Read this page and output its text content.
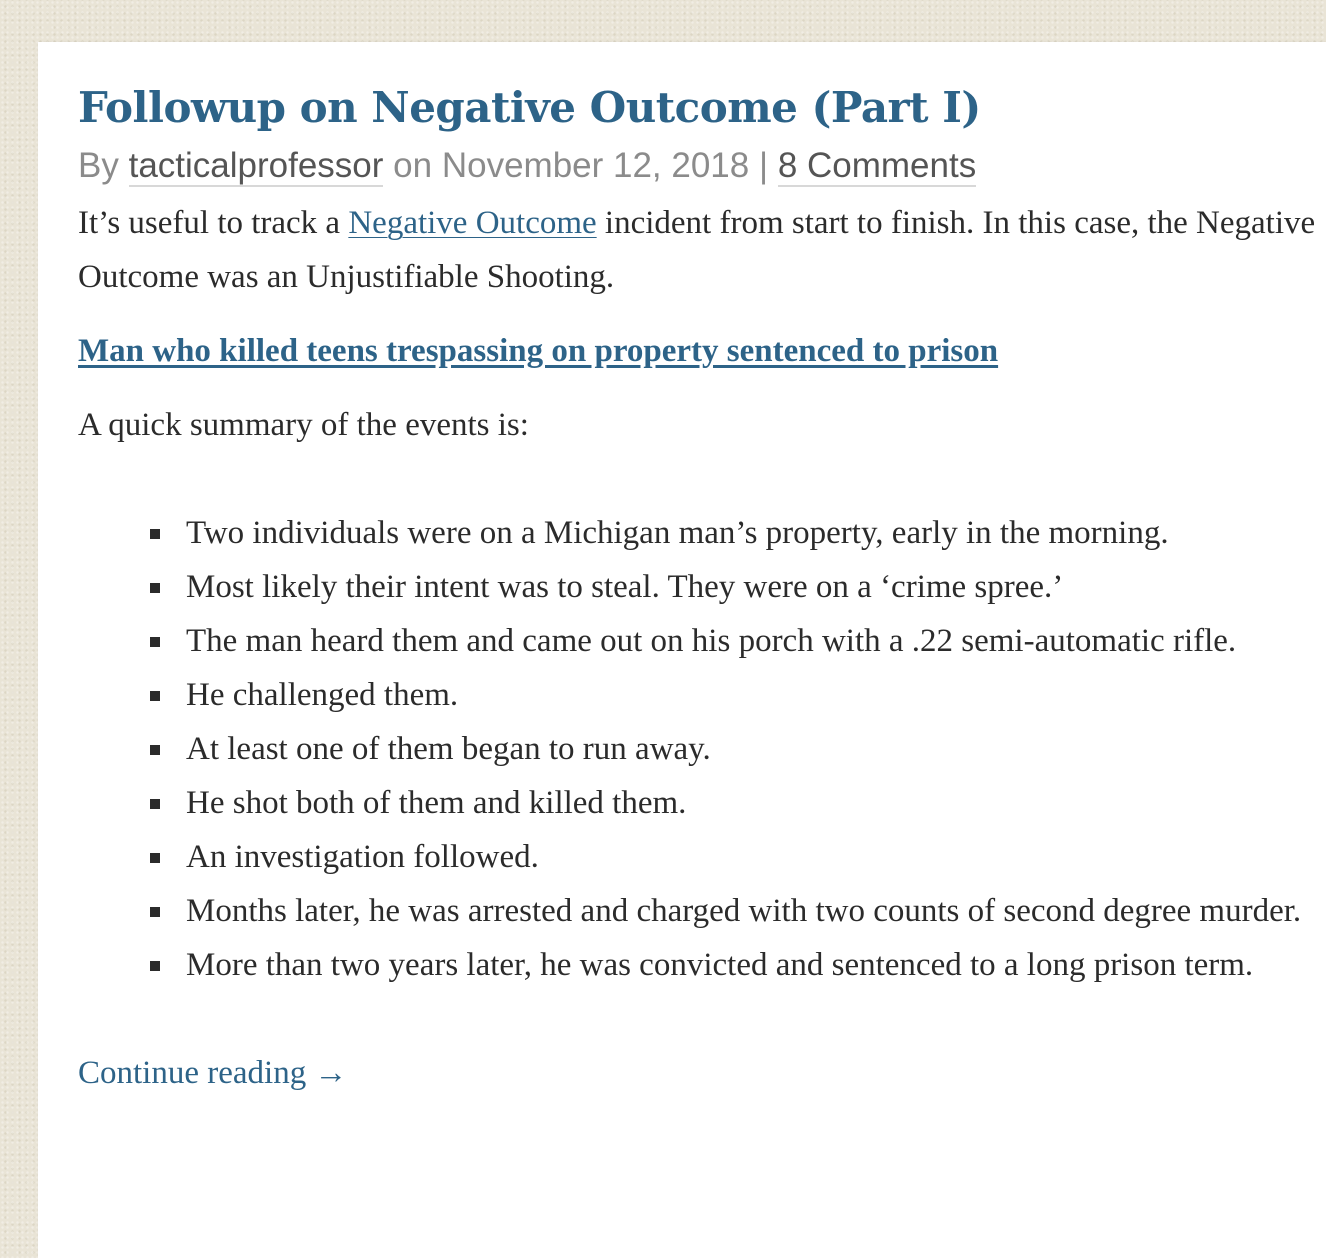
Followup on Negative Outcome (Part I)
By tacticalprofessor on November 12, 2018 | 8 Comments

It’s useful to track a Negative Outcome incident from start to finish. In this case, the Negative Outcome was an Unjustifiable Shooting.

Man who killed teens trespassing on property sentenced to prison

A quick summary of the events is:

Two individuals were on a Michigan man’s property, early in the morning.
Most likely their intent was to steal. They were on a ‘crime spree.’
The man heard them and came out on his porch with a .22 semi-automatic rifle.
He challenged them.
At least one of them began to run away.
He shot both of them and killed them.
An investigation followed.
Months later, he was arrested and charged with two counts of second degree murder.
More than two years later, he was convicted and sentenced to a long prison term.

Continue reading →
